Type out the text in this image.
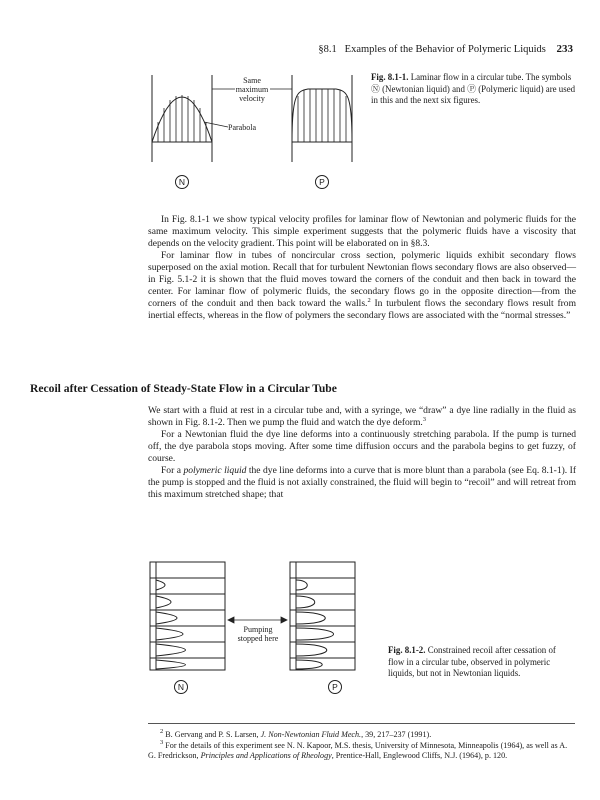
§8.1 Examples of the Behavior of Polymeric Liquids 233
Same maximum velocity
Parabola
N	P
Fig. 8.1-1. Laminar flow in a circular tube. The symbols Ⓝ (Newtonian liquid) and Ⓟ (Polymeric liquid) are used in this and the next six figures.

In Fig. 8.1-1 we show typical velocity profiles for laminar flow of Newtonian and polymeric fluids for the same maximum velocity. This simple experiment suggests that the polymeric fluids have a viscosity that depends on the velocity gradient. This point will be elaborated on in §8.3.

For laminar flow in tubes of noncircular cross section, polymeric liquids exhibit secondary flows superposed on the axial motion. Recall that for turbulent Newtonian flows secondary flows are also observed—in Fig. 5.1-2 it is shown that the fluid moves toward the corners of the conduit and then back in toward the center. For laminar flow of polymeric fluids, the secondary flows go in the opposite direction—from the corners of the conduit and then back toward the walls.$^2$ In turbulent flows the secondary flows result from inertial effects, whereas in the flow of polymers the secondary flows are associated with the “normal stresses.”

Recoil after Cessation of Steady-State Flow in a Circular Tube

We start with a fluid at rest in a circular tube and, with a syringe, we “draw” a dye line radially in the fluid as shown in Fig. 8.1-2. Then we pump the fluid and watch the dye deform.$^3$

For a Newtonian fluid the dye line deforms into a continuously stretching parabola. If the pump is turned off, the dye parabola stops moving. After some time diffusion occurs and the parabola begins to get fuzzy, of course.

For a polymeric liquid the dye line deforms into a curve that is more blunt than a parabola (see Eq. 8.1-1). If the pump is stopped and the fluid is not axially constrained, the fluid will begin to “recoil” and will retreat from this maximum stretched shape; that

Pumping stopped here
N	P
Fig. 8.1-2. Constrained recoil after cessation of flow in a circular tube, observed in polymeric liquids, but not in Newtonian liquids.

$^2$ B. Gervang and P. S. Larsen, J. Non-Newtonian Fluid Mech., 39, 217–237 (1991).

$^3$ For the details of this experiment see N. N. Kapoor, M.S. thesis, University of Minnesota, Minneapolis (1964), as well as A. G. Fredrickson, Principles and Applications of Rheology, Prentice-Hall, Englewood Cliffs, N.J. (1964), p. 120.
